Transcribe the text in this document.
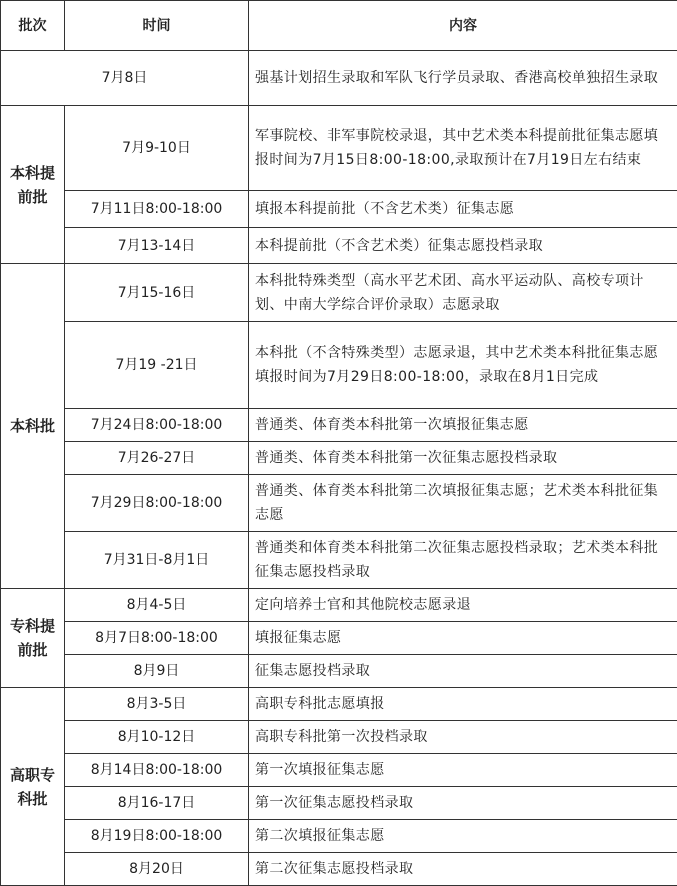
批次	时间	内容
7月8日		强基计划招生录取和军队飞行学员录取、香港高校单独招生录取
本科提前批	7月9-10日	军事院校、非军事院校录退，其中艺术类本科提前批征集志愿填报时间为7月15日8:00-18:00,录取预计在7月19日左右结束
	7月11日8:00-18:00	填报本科提前批（不含艺术类）征集志愿
	7月13-14日	本科提前批（不含艺术类）征集志愿投档录取
本科批	7月15-16日	本科批特殊类型（高水平艺术团、高水平运动队、高校专项计划、中南大学综合评价录取）志愿录取
	7月19 -21日	本科批（不含特殊类型）志愿录退，其中艺术类本科批征集志愿填报时间为7月29日8:00-18:00，录取在8月1日完成
	7月24日8:00-18:00	普通类、体育类本科批第一次填报征集志愿
	7月26-27日	普通类、体育类本科批第一次征集志愿投档录取
	7月29日8:00-18:00	普通类、体育类本科批第二次填报征集志愿；艺术类本科批征集志愿
	7月31日-8月1日	普通类和体育类本科批第二次征集志愿投档录取；艺术类本科批征集志愿投档录取
专科提前批	8月4-5日	定向培养士官和其他院校志愿录退
	8月7日8:00-18:00	填报征集志愿
	8月9日	征集志愿投档录取
高职专科批	8月3-5日	高职专科批志愿填报
	8月10-12日	高职专科批第一次投档录取
	8月14日8:00-18:00	第一次填报征集志愿
	8月16-17日	第一次征集志愿投档录取
	8月19日8:00-18:00	第二次填报征集志愿
	8月20日	第二次征集志愿投档录取
